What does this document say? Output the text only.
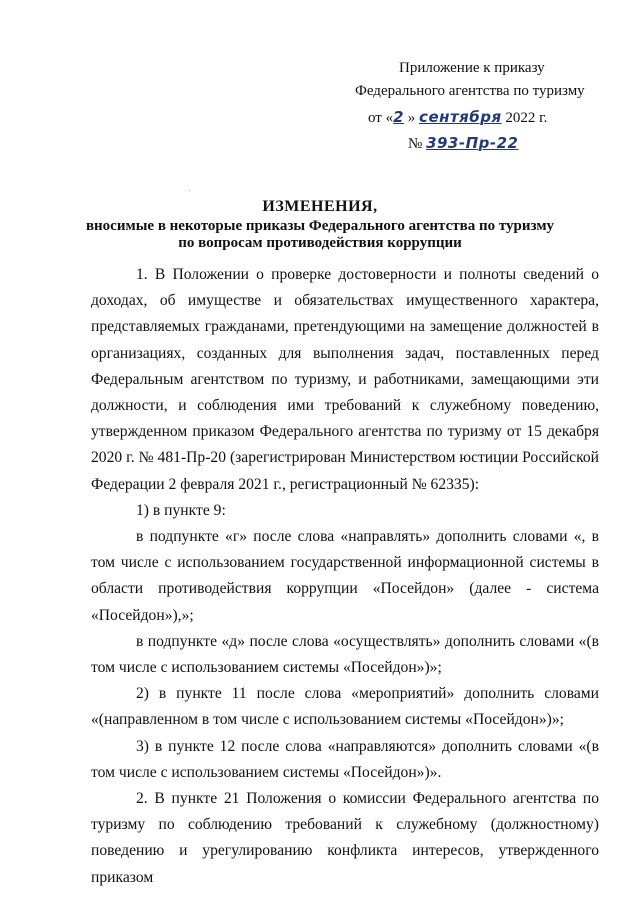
Приложение к приказу
Федерального агентства по туризму
от «2 » сентября 2022 г.
№ 393-Пр-22
ИЗМЕНЕНИЯ,
вносимые в некоторые приказы Федерального агентства по туризму
по вопросам противодействия коррупции

1. В Положении о проверке достоверности и полноты сведений о доходах, об имуществе и обязательствах имущественного характера, представляемых гражданами, претендующими на замещение должностей в организациях, созданных для выполнения задач, поставленных перед Федеральным агентством по туризму, и работниками, замещающими эти должности, и соблюдения ими требований к служебному поведению, утвержденном приказом Федерального агентства по туризму от 15 декабря 2020 г. № 481-Пр-20 (зарегистрирован Министерством юстиции Российской Федерации 2 февраля 2021 г., регистрационный № 62335):

1) в пункте 9:

в подпункте «г» после слова «направлять» дополнить словами «, в том числе с использованием государственной информационной системы в области противодействия коррупции «Посейдон» (далее - система «Посейдон»),»;

в подпункте «д» после слова «осуществлять» дополнить словами «(в том числе с использованием системы «Посейдон»)»;

2) в пункте 11 после слова «мероприятий» дополнить словами «(направленном в том числе с использованием системы «Посейдон»)»;

3) в пункте 12 после слова «направляются» дополнить словами «(в том числе с использованием системы «Посейдон»)».

2. В пункте 21 Положения о комиссии Федерального агентства по туризму по соблюдению требований к служебному (должностному) поведению и урегулированию конфликта интересов, утвержденного приказом
